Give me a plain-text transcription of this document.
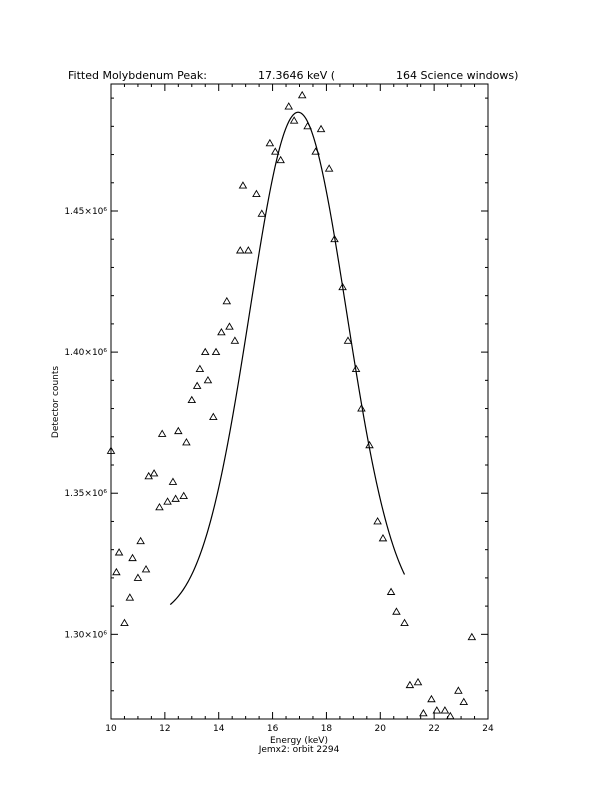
Fitted Molybdenum Peak:	17.3646 keV (	164 Science windows)
10	12	14	16	18	20	22	24
1.30×10⁶
1.35×10⁶
1.40×10⁶
1.45×10⁶
Energy (keV)
Jemx2: orbit 2294
Detector counts
